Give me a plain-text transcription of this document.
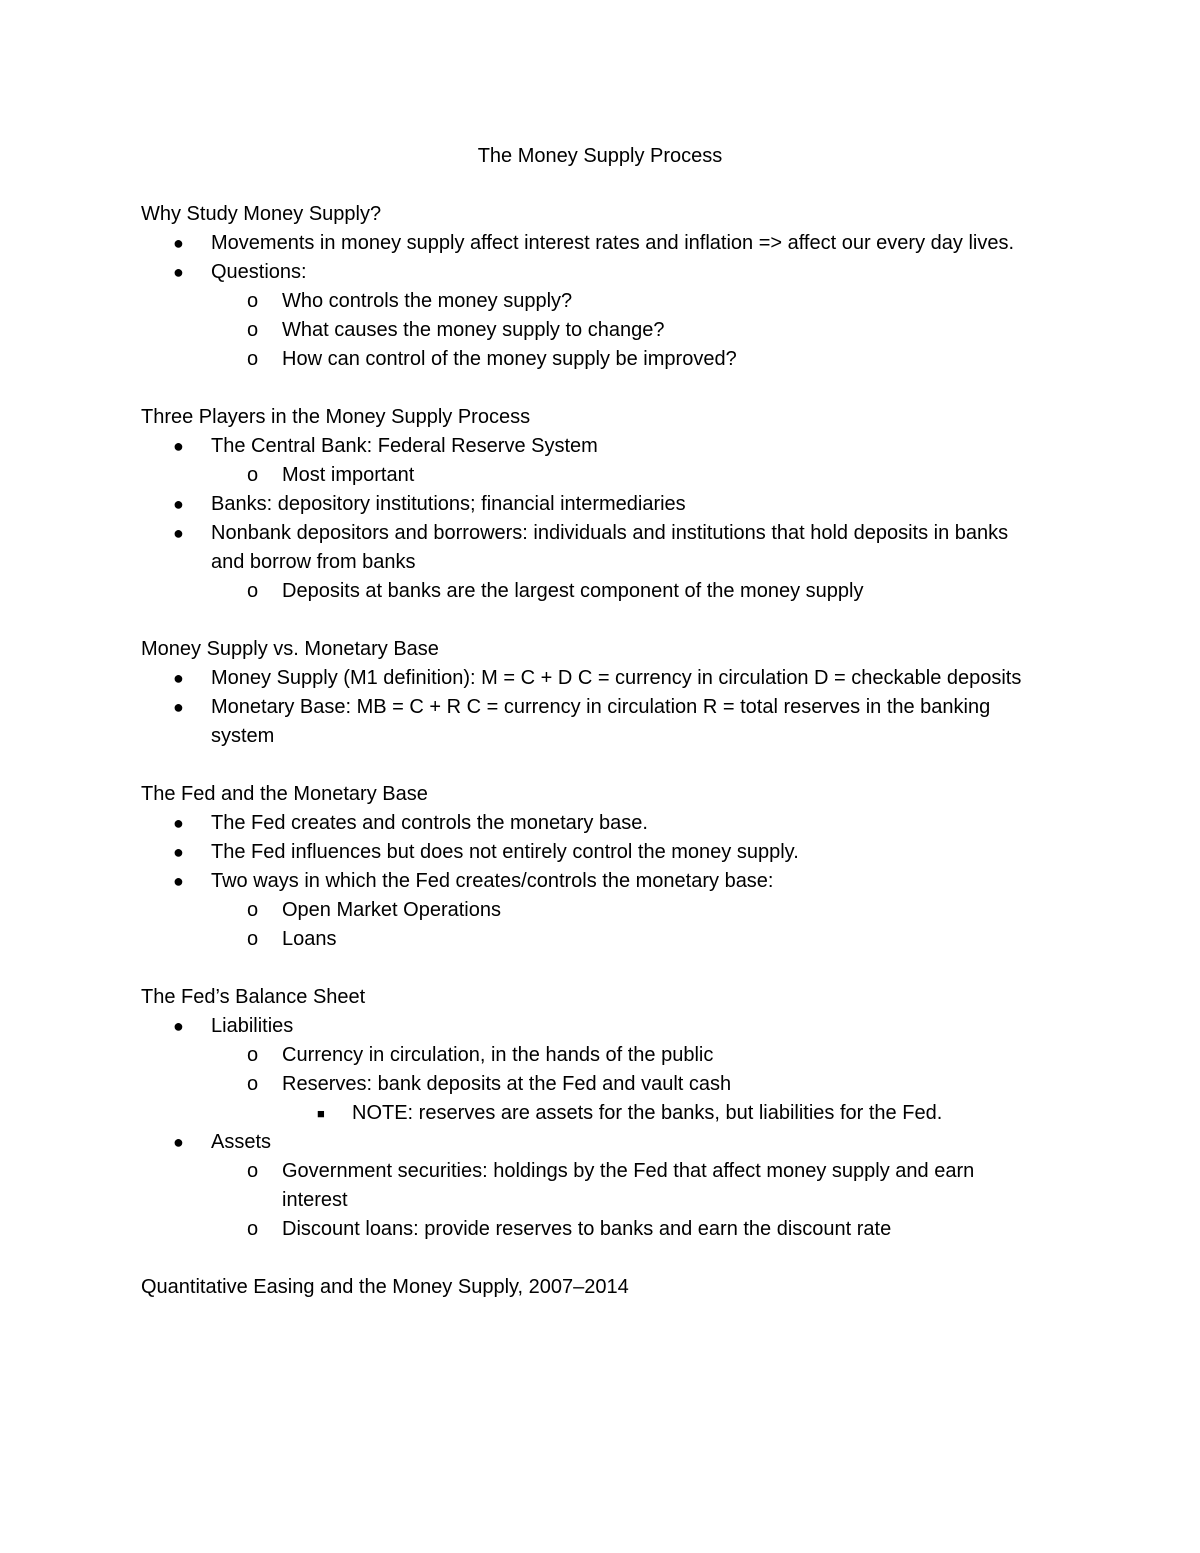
The Money Supply Process
Why Study Money Supply?
● Movements in money supply affect interest rates and inflation => affect our every day lives.
● Questions:
o Who controls the money supply?
o What causes the money supply to change?
o How can control of the money supply be improved?
Three Players in the Money Supply Process
● The Central Bank: Federal Reserve System
o Most important
● Banks: depository institutions; financial intermediaries
● Nonbank depositors and borrowers: individuals and institutions that hold deposits in banks and borrow from banks
o Deposits at banks are the largest component of the money supply
Money Supply vs. Monetary Base
● Money Supply (M1 definition): M = C + D C = currency in circulation D = checkable deposits
● Monetary Base: MB = C + R C = currency in circulation R = total reserves in the banking system
The Fed and the Monetary Base
● The Fed creates and controls the monetary base.
● The Fed influences but does not entirely control the money supply.
● Two ways in which the Fed creates/controls the monetary base:
o Open Market Operations
o Loans
The Fed’s Balance Sheet
● Liabilities
o Currency in circulation, in the hands of the public
o Reserves: bank deposits at the Fed and vault cash
■ NOTE: reserves are assets for the banks, but liabilities for the Fed.
● Assets
o Government securities: holdings by the Fed that affect money supply and earn interest
o Discount loans: provide reserves to banks and earn the discount rate
Quantitative Easing and the Money Supply, 2007–2014
